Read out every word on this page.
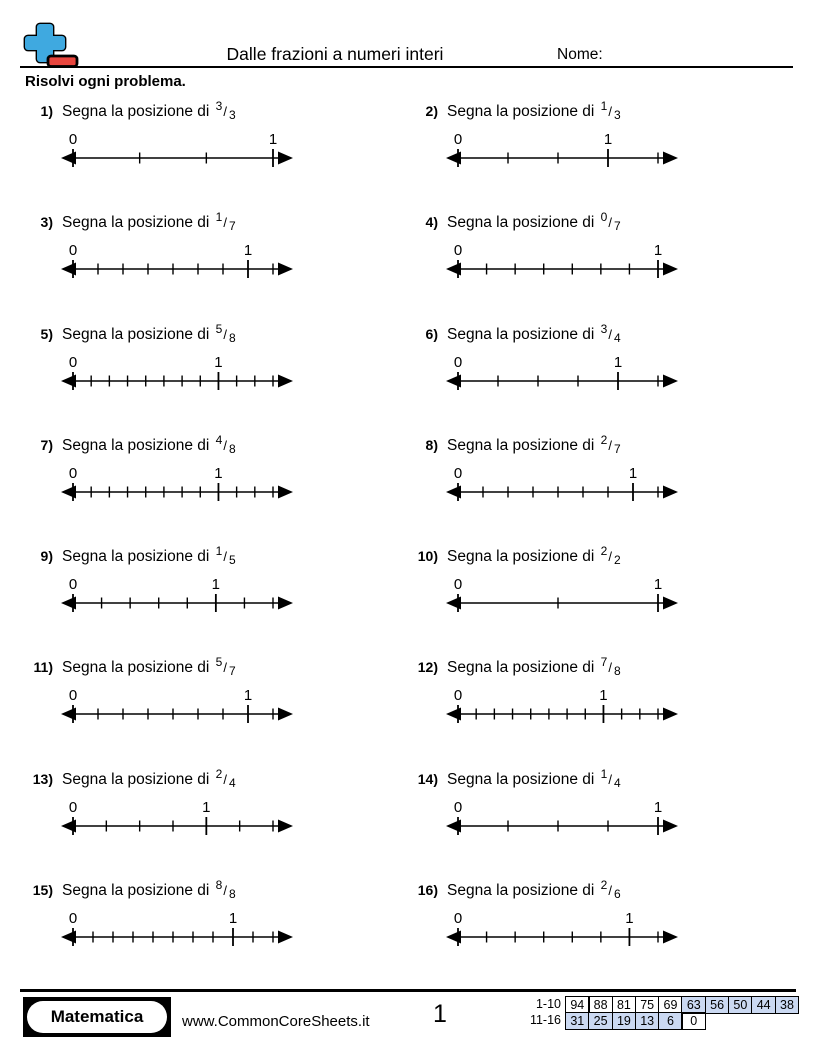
Dalle frazioni a numeri interi	Nome:
Risolvi ogni problema.
1) Segna la posizione di $^3$/ $_3$
0	1
2) Segna la posizione di $^1$/ $_3$
0	1
3) Segna la posizione di $^1$/ $_7$
0	1
4) Segna la posizione di $^0$/ $_7$
0	1
5) Segna la posizione di $^5$/ $_8$
0	1
6) Segna la posizione di $^3$/ $_4$
0	1
7) Segna la posizione di $^4$/ $_8$
0	1
8) Segna la posizione di $^2$/ $_7$
0	1
9) Segna la posizione di $^1$/ $_5$
0	1
10) Segna la posizione di $^2$/ $_2$
0	1
11) Segna la posizione di $^5$/ $_7$
0	1
12) Segna la posizione di $^7$/ $_8$
0	1
13) Segna la posizione di $^2$/ $_4$
0	1
14) Segna la posizione di $^1$/ $_4$
0	1
15) Segna la posizione di $^8$/ $_8$
0	1
16) Segna la posizione di $^2$/ $_6$
0	1
Matematica	www.CommonCoreSheets.it	1	1-10 94 88 81 75 69 63 56 50 44 38
11-16 31 25 19 13	6	0
